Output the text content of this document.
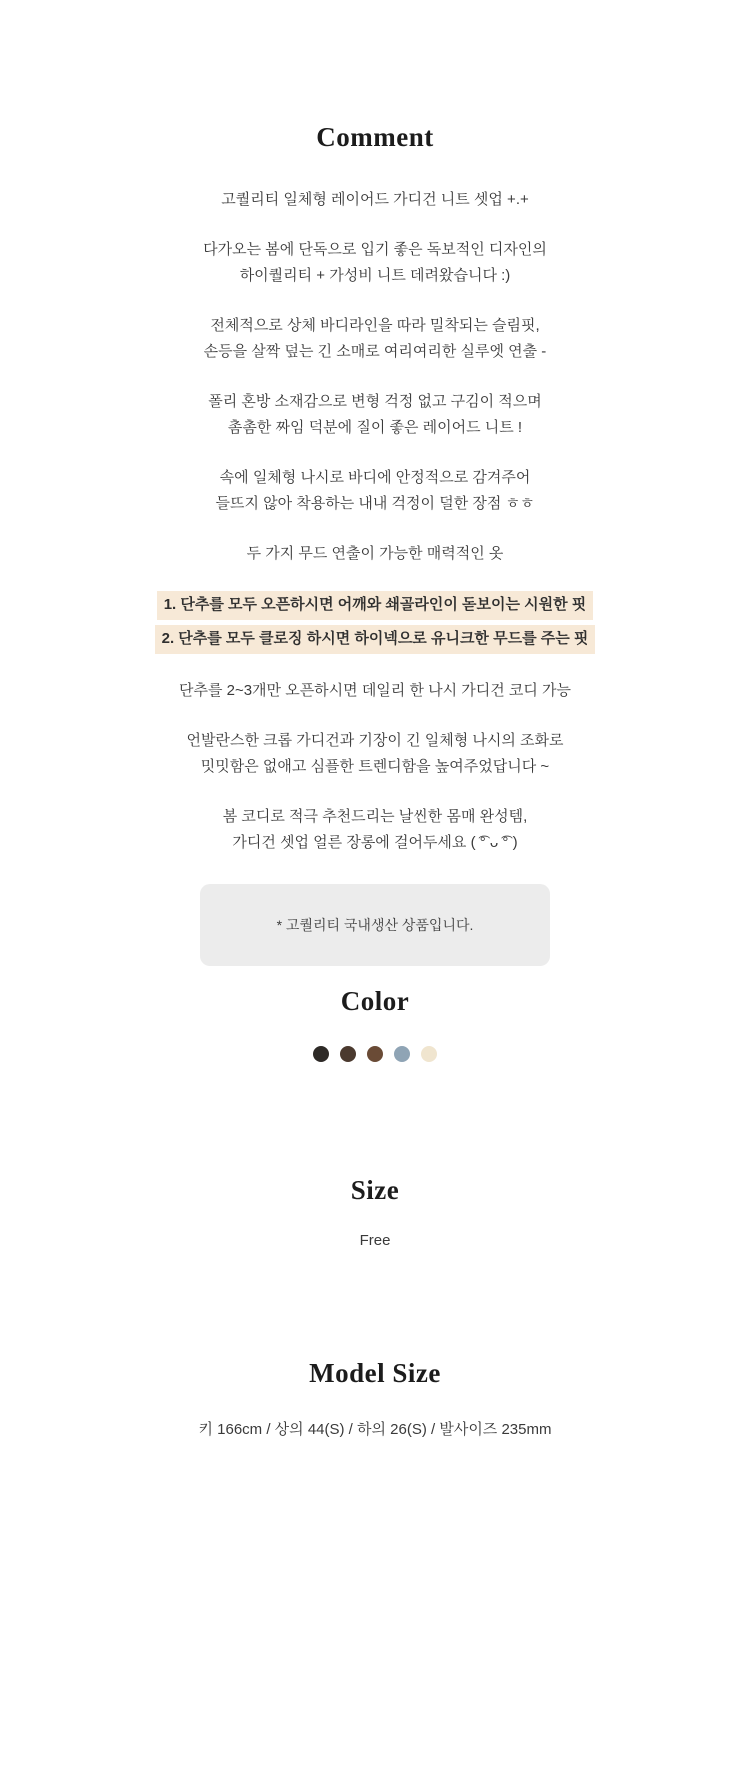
Comment

고퀄리티 일체형 레이어드 가디건 니트 셋업 +.+

다가오는 봄에 단독으로 입기 좋은 독보적인 디자인의
하이퀄리티 + 가성비 니트 데려왔습니다 :)

전체적으로 상체 바디라인을 따라 밀착되는 슬림핏,
손등을 살짝 덮는 긴 소매로 여리여리한 실루엣 연출 -

폴리 혼방 소재감으로 변형 걱정 없고 구김이 적으며
촘촘한 짜임 덕분에 질이 좋은 레이어드 니트 !

속에 일체형 나시로 바디에 안정적으로 감겨주어
들뜨지 않아 착용하는 내내 걱정이 덜한 장점 ㅎㅎ

두 가지 무드 연출이 가능한 매력적인 옷

1. 단추를 모두 오픈하시면 어깨와 쇄골라인이 돋보이는 시원한 핏
2. 단추를 모두 클로징 하시면 하이넥으로 유니크한 무드를 주는 핏

단추를 2~3개만 오픈하시면 데일리 한 나시 가디건 코디 가능

언발란스한 크롭 가디건과 기장이 긴 일체형 나시의 조화로
밋밋함은 없애고 심플한 트렌디함을 높여주었답니다 ~

봄 코디로 적극 추천드리는 날씬한 몸매 완성템,
가디건 셋업 얼른 장롱에 걸어두세요 ( ͡° ᴗ ͡° )

* 고퀄리티 국내생산 상품입니다.
Color
Size
Free
Model Size
키 166cm / 상의 44(S) / 하의 26(S) / 발사이즈 235mm
